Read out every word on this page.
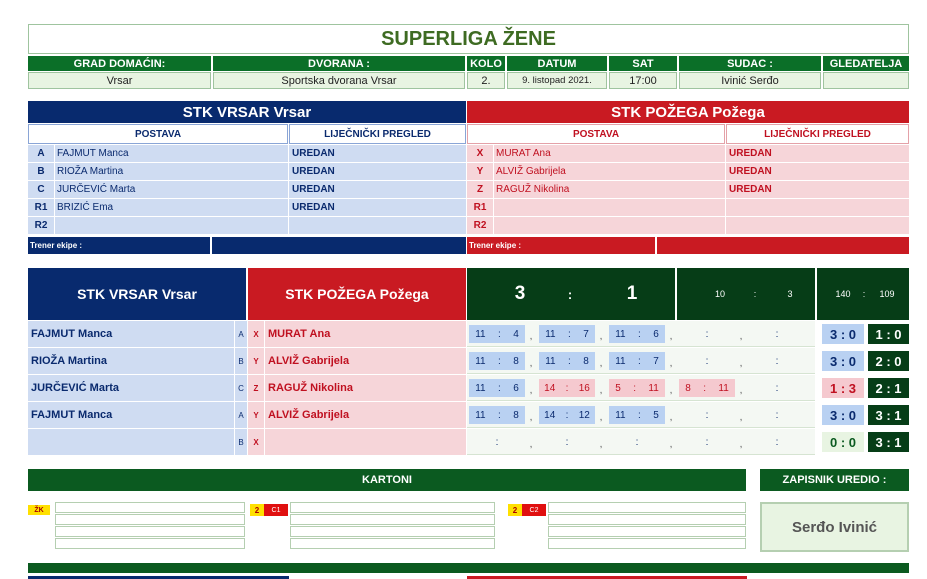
SUPERLIGA ŽENE
GRAD DOMAĆIN:	DVORANA :	KOLO	DATUM	SAT	SUDAC :	GLEDATELJA
Vrsar	Sportska dvorana Vrsar	2.	9. listopad 2021.	17:00	Ivinić Serđo
STK VRSAR Vrsar
POSTAVA	LIJEČNIČKI PREGLED
A	FAJMUT Manca	UREDAN
B	RIOŽA Martina	UREDAN
C	JURČEVIĆ Marta	UREDAN
R1 BRIZIĆ Ema	UREDAN
R2
Trener ekipe :
STK POŽEGA Požega
POSTAVA	LIJEČNIČKI PREGLED
X	MURAT Ana	UREDAN
Y	ALVIŽ Gabrijela	UREDAN
Z	RAGUŽ Nikolina	UREDAN
R1
R2
Trener ekipe :
STK VRSAR Vrsar	STK POŽEGA Požega	3	:	1	10	:	3	140	:	109
FAJMUT Manca	A	X MURAT Ana	11 : 4 , 11 : 7 , 11 : 6 ,	:	,	:	3 : 0	1 : 0
RIOŽA Martina	B	Y ALVIŽ Gabrijela	11 : 8 , 11 : 8 , 11 : 7 ,	:	,	:	3 : 0	2 : 0
JURČEVIĆ Marta	C	Z RAGUŽ Nikolina	11 : 6 , 14 : 16 , 5 : 11 , 8 : 11 ,	:	1 : 3	2 : 1
FAJMUT Manca	A	Y ALVIŽ Gabrijela	11 : 8 , 14 : 12 , 11 : 5 ,	:	,	:	3 : 0	3 : 1
B	X	:	,	:	,	:	,	:	,	:	0 : 0	3 : 1
KARTONI
ŽK	2	C1	2	C2
ZAPISNIK UREDIO :
Serđo Ivinić
